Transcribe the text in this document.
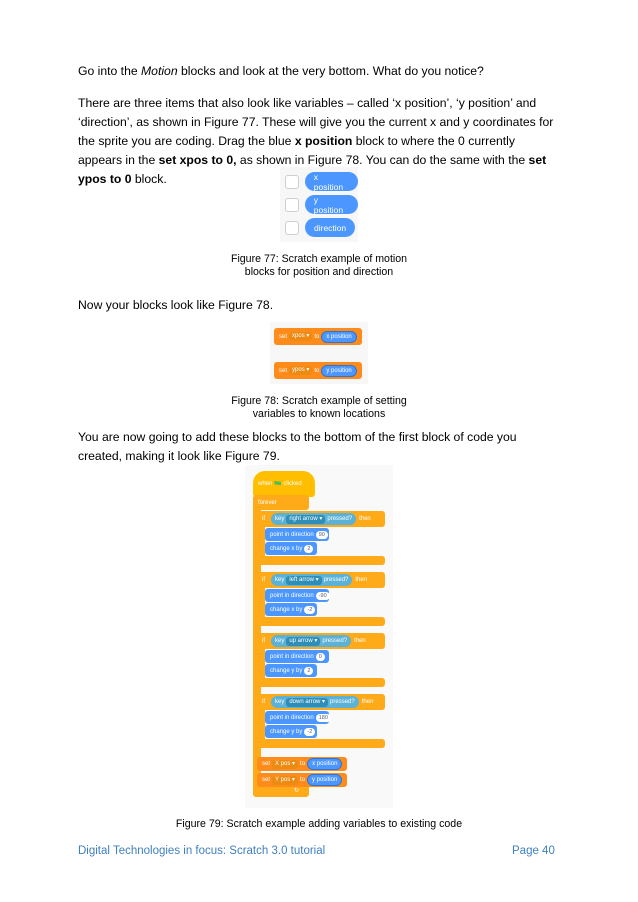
Go into the Motion blocks and look at the very bottom. What do you notice?

There are three items that also look like variables – called ‘x position’, ‘y position’ and ‘direction’, as shown in Figure 77. These will give you the current x and y coordinates for the sprite you are coding. Drag the blue x position block to where the 0 currently appears in the set xpos to 0, as shown in Figure 78. You can do the same with the set ypos to 0 block.	x position
y position
direction
Figure 77: Scratch example of motion
blocks for position and direction

Now your blocks look like Figure 78.

set xpos ▾ to	x position
set ypos ▾ to	y position
Figure 78: Scratch example of setting
variables to known locations

You are now going to add these blocks to the bottom of the first block of code you created, making it look like Figure 79.

when clicked
forever
↻
if key right arrow ▾ pressed? then
point in direction 90
change x by 2
if key left arrow ▾ pressed? then
point in direction -90
change x by -2
if key up arrow ▾ pressed? then
point in direction 0
change y by 2
if key down arrow ▾ pressed? then
point in direction 180
change y by -2
set X pos ▾ to	x position
set Y pos ▾ to	y position
Figure 79: Scratch example adding variables to existing code
Digital Technologies in focus: Scratch 3.0 tutorial	Page 40
